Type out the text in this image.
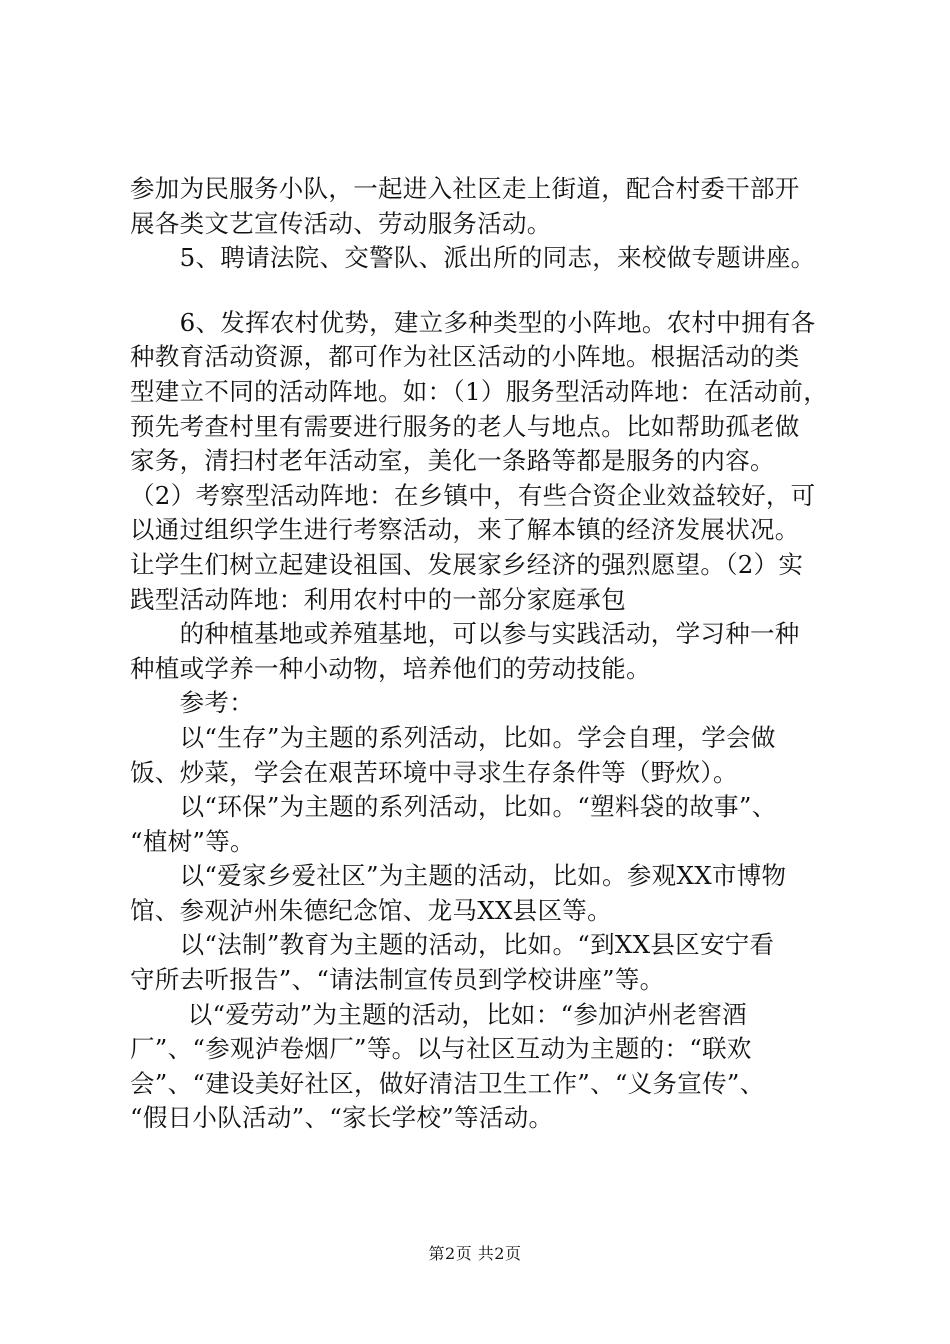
参加为民服务小队，一起进入社区走上街道，配合村委干部开
展各类文艺宣传活动、劳动服务活动。
　　5、聘请法院、交警队、派出所的同志，来校做专题讲座。
　　6、发挥农村优势，建立多种类型的小阵地。农村中拥有各
种教育活动资源，都可作为社区活动的小阵地。根据活动的类
型建立不同的活动阵地。如：（1）服务型活动阵地：在活动前，
预先考查村里有需要进行服务的老人与地点。比如帮助孤老做
家务，清扫村老年活动室，美化一条路等都是服务的内容。
（2）考察型活动阵地：在乡镇中，有些合资企业效益较好，可
以通过组织学生进行考察活动，来了解本镇的经济发展状况。
让学生们树立起建设祖国、发展家乡经济的强烈愿望。（2）实
践型活动阵地：利用农村中的一部分家庭承包
　　的种植基地或养殖基地，可以参与实践活动，学习种一种
种植或学养一种小动物，培养他们的劳动技能。
　　参考：
　　以“生存”为主题的系列活动，比如。学会自理，学会做
饭、炒菜，学会在艰苦环境中寻求生存条件等（野炊）。
　　以“环保”为主题的系列活动，比如。“塑料袋的故事”、
“植树”等。
　　以“爱家乡爱社区”为主题的活动，比如。参观XX市博物
馆、参观泸州朱德纪念馆、龙马XX县区等。
　　以“法制”教育为主题的活动，比如。“到XX县区安宁看
守所去听报告”、“请法制宣传员到学校讲座”等。
　　 以“爱劳动”为主题的活动，比如：“参加泸州老窖酒
厂”、“参观泸卷烟厂”等。以与社区互动为主题的：“联欢
会”、“建设美好社区，做好清洁卫生工作”、“义务宣传”、
“假日小队活动”、“家长学校”等活动。
第2页 共2页
